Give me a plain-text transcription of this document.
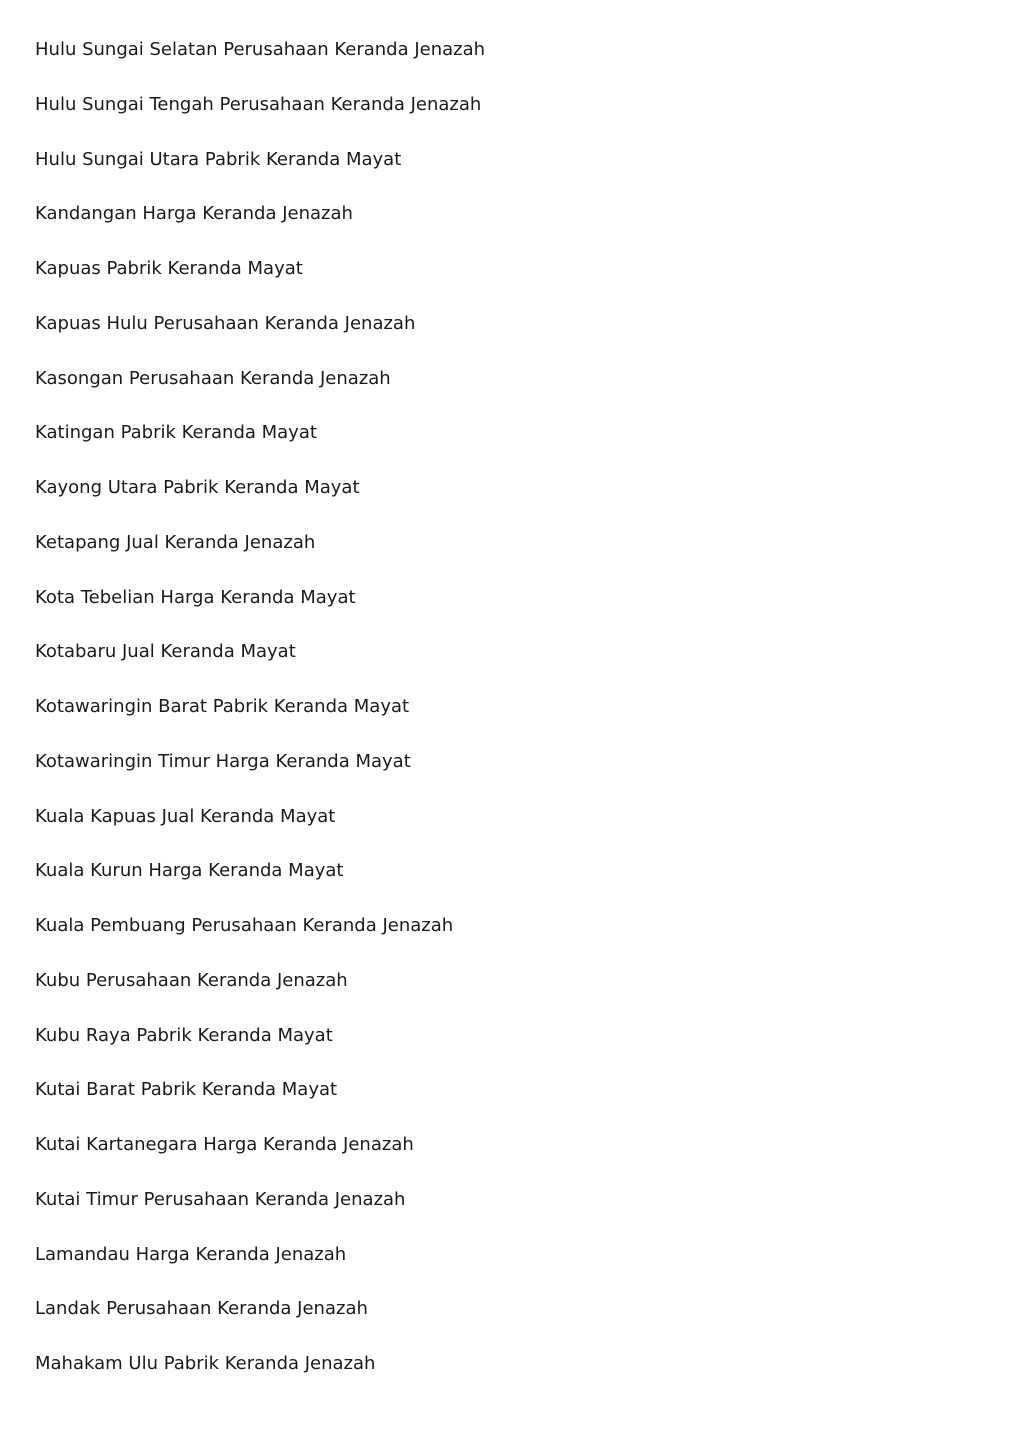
Hulu Sungai Selatan Perusahaan Keranda Jenazah
Hulu Sungai Tengah Perusahaan Keranda Jenazah
Hulu Sungai Utara Pabrik Keranda Mayat
Kandangan Harga Keranda Jenazah
Kapuas Pabrik Keranda Mayat
Kapuas Hulu Perusahaan Keranda Jenazah
Kasongan Perusahaan Keranda Jenazah
Katingan Pabrik Keranda Mayat
Kayong Utara Pabrik Keranda Mayat
Ketapang Jual Keranda Jenazah
Kota Tebelian Harga Keranda Mayat
Kotabaru Jual Keranda Mayat
Kotawaringin Barat Pabrik Keranda Mayat
Kotawaringin Timur Harga Keranda Mayat
Kuala Kapuas Jual Keranda Mayat
Kuala Kurun Harga Keranda Mayat
Kuala Pembuang Perusahaan Keranda Jenazah
Kubu Perusahaan Keranda Jenazah
Kubu Raya Pabrik Keranda Mayat
Kutai Barat Pabrik Keranda Mayat
Kutai Kartanegara Harga Keranda Jenazah
Kutai Timur Perusahaan Keranda Jenazah
Lamandau Harga Keranda Jenazah
Landak Perusahaan Keranda Jenazah
Mahakam Ulu Pabrik Keranda Jenazah
